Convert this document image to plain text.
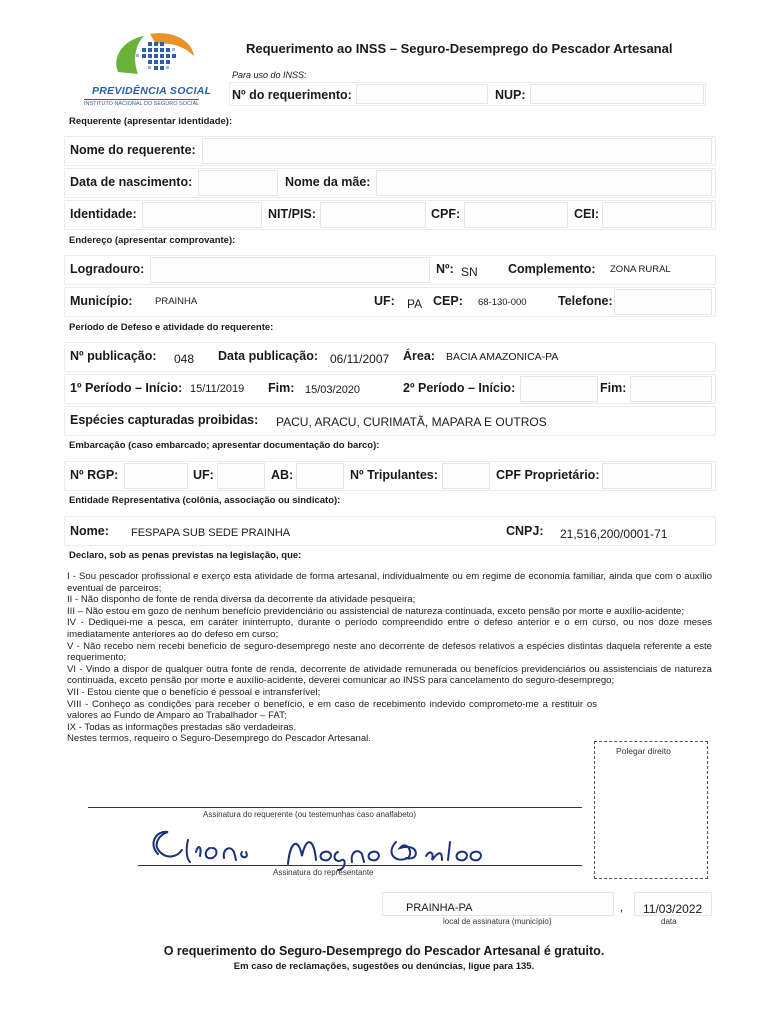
PREVIDÊNCIA SOCIAL
INSTITUTO NACIONAL DO SEGURO SOCIAL
Requerimento ao INSS – Seguro-Desemprego do Pescador Artesanal
Para uso do INSS:
Nº do requerimento:	NUP:
Requerente (apresentar identidade):
Nome do requerente:
Data de nascimento:	Nome da mãe:
Identidade:	NIT/PIS:	CPF:	CEI:
Endereço (apresentar comprovante):
Logradouro:	Nº: SN Complemento: ZONA RURAL
Município: PRAINHA	UF: PA CEP: 68-130-000	Telefone:
Período de Defeso e atividade do requerente:
Nº publicação: 048 Data publicação: 06/11/2007 Área: BACIA AMAZONICA-PA
1º Período – Início: 15/11/2019 Fim: 15/03/2020	2º Período – Início:	Fim:
Espécies capturadas proibidas: PACU, ARACU, CURIMATÃ, MAPARA E OUTROS
Embarcação (caso embarcado; apresentar documentação do barco):
Nº RGP:	UF:	AB:	Nº Tripulantes:	CPF Proprietário:
Entidade Representativa (colônia, associação ou sindicato):
Nome: FESPAPA SUB SEDE PRAINHA	CNPJ: 21,516,200/0001-71
Declaro, sob as penas previstas na legislação, que:

I - Sou pescador profissional e exerço esta atividade de forma artesanal, individualmente ou em regime de economia familiar, ainda que com o auxílio eventual de parceiros;

II - Não disponho de fonte de renda diversa da decorrente da atividade pesqueira;

III – Não estou em gozo de nenhum benefício previdenciário ou assistencial de natureza continuada, exceto pensão por morte e auxílio-acidente;

IV - Dediquei-me a pesca, em caráter ininterrupto, durante o período compreendido entre o defeso anterior e o em curso, ou nos doze meses imediatamente anteriores ao do defeso em curso;

V - Não recebo nem recebi benefício de seguro-desemprego neste ano decorrente de defesos relativos a espécies distintas daquela referente a este requerimento;

VI - Vindo a dispor de qualquer outra fonte de renda, decorrente de atividade remunerada ou benefícios previdenciários ou assistenciais de natureza continuada, exceto pensão por morte e auxílio-acidente, deverei comunicar ao INSS para cancelamento do seguro-desemprego;

VII - Estou ciente que o benefício é pessoal e intransferível;

VIII - Conheço as condições para receber o benefício, e em caso de recebimento indevido comprometo-me a restituir os valores ao Fundo de Amparo ao Trabalhador – FAT;

IX - Todas as informações prestadas são verdadeiras.

Nestes termos, requeiro o Seguro-Desemprego do Pescador Artesanal.

Polegar direito
Assinatura do requerente (ou testemunhas caso analfabeto)
Assinatura do representante
PRAINHA-PA
local de assinatura (município)
, 11/03/2022
data
O requerimento do Seguro-Desemprego do Pescador Artesanal é gratuito.
Em caso de reclamações, sugestões ou denúncias, ligue para 135.
